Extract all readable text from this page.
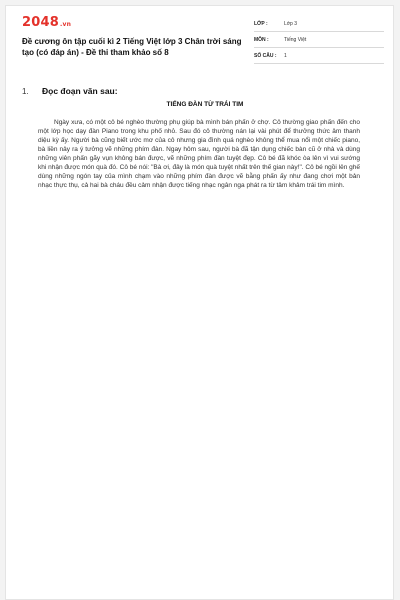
2048.vn
Đề cương ôn tập cuối kì 2 Tiếng Việt lớp 3 Chân trời sáng tạo (có đáp án) - Đề thi tham khảo số 8
LỚP :	Lớp 3
MÔN :	Tiếng Việt
SỐ CÂU :	1
1.	Đọc đoạn văn sau:
TIẾNG ĐÀN TỪ TRÁI TIM
Ngày xưa, có một cô bé nghèo thường phụ giúp bà mình bán phấn ở chợ. Cô thường giao phấn đến cho một lớp học dạy đàn Piano trong khu phố nhỏ. Sau đó cô thường nán lại vài phút để thưởng thức âm thanh diệu kỳ ấy. Người bà cũng biết ước mơ của cô nhưng gia đình quá nghèo không thể mua nổi một chiếc piano, bà liền nảy ra ý tưởng vẽ những phím đàn. Ngay hôm sau, người bà đã tận dụng chiếc bàn cũ ở nhà và dùng những viên phấn gãy vụn không bán được, vẽ những phím đàn tuyệt đẹp. Cô bé đã khóc òa lên vì vui sướng khi nhận được món quà đó. Cô bé nói: "Bà ơi, đây là món quà tuyệt nhất trên thế gian này!". Cô bé ngồi lên ghế dùng những ngón tay của mình chạm vào những phím đàn được vẽ bằng phấn ấy như đang chơi một bản nhạc thực thụ, cả hai bà cháu đều cảm nhận được tiếng nhạc ngân nga phát ra từ tâm khảm trái tim mình.
